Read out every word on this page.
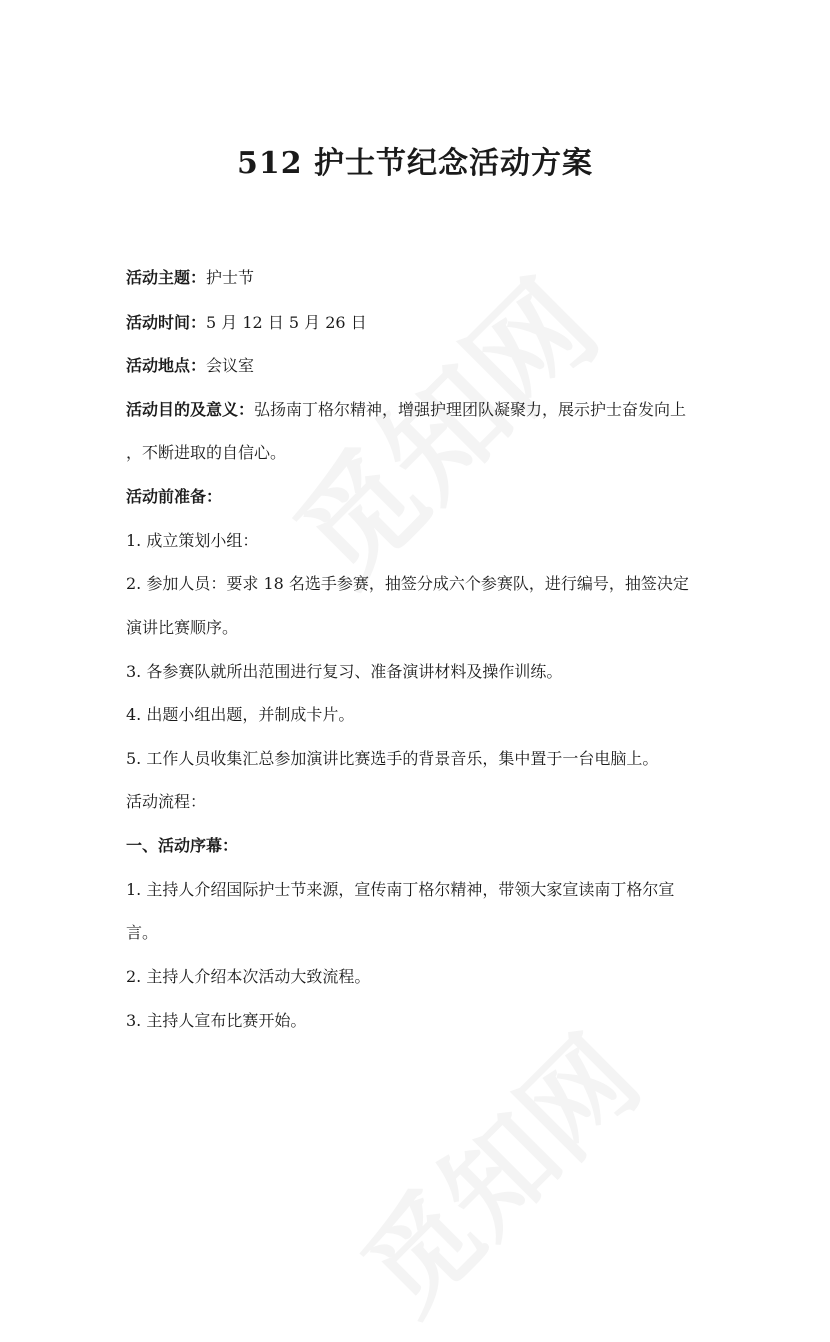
512 护士节纪念活动方案

活动主题：护士节

活动时间：5 月 12 日 5 月 26 日

活动地点：会议室

活动目的及意义：弘扬南丁格尔精神，增强护理团队凝聚力，展示护士奋发向上

，不断进取的自信心。

活动前准备：

1. 成立策划小组：

2. 参加人员：要求 18 名选手参赛，抽签分成六个参赛队，进行编号，抽签决定

演讲比赛顺序。

3. 各参赛队就所出范围进行复习、准备演讲材料及操作训练。

4. 出题小组出题，并制成卡片。

5. 工作人员收集汇总参加演讲比赛选手的背景音乐，集中置于一台电脑上。

活动流程：

一、活动序幕：

1. 主持人介绍国际护士节来源，宣传南丁格尔精神，带领大家宣读南丁格尔宣

言。

2. 主持人介绍本次活动大致流程。

3. 主持人宣布比赛开始。
